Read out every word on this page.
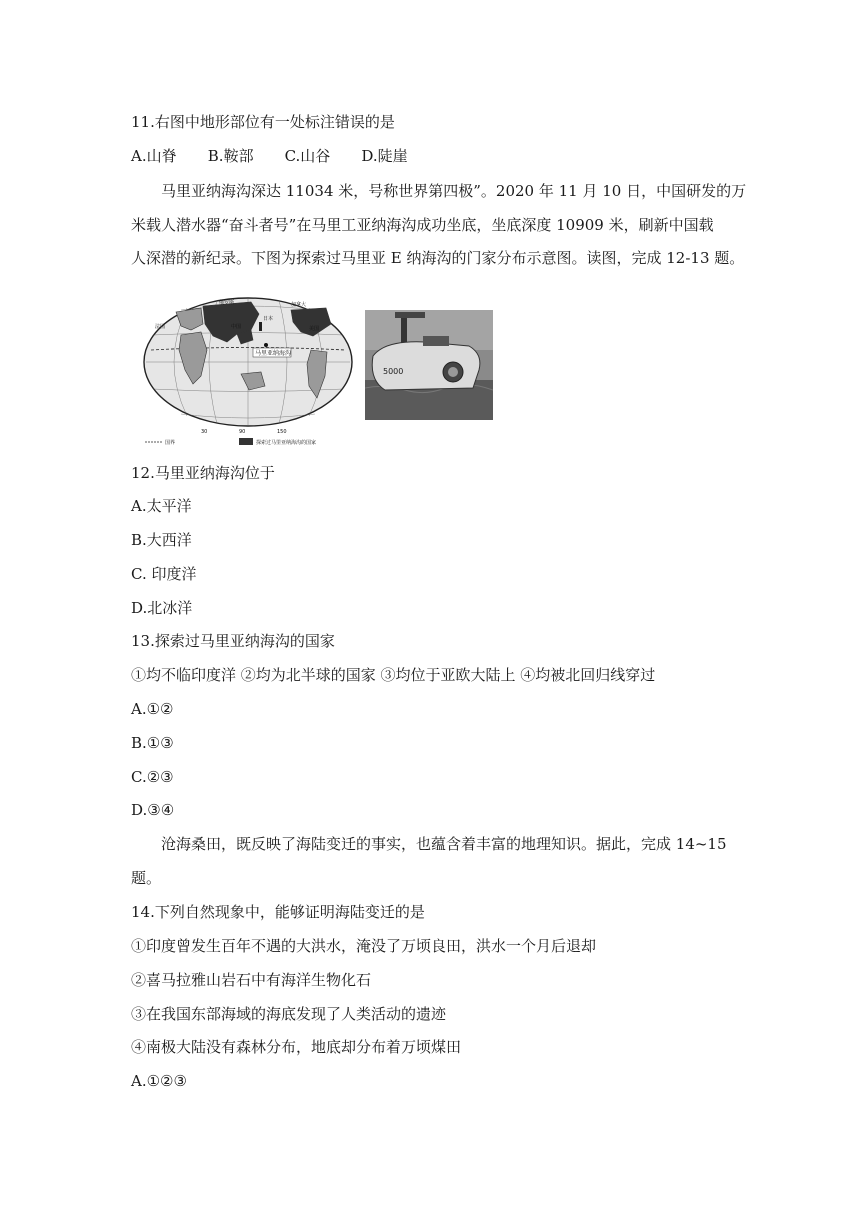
11.右图中地形部位有一处标注错误的是
A.山脊 B.鞍部 C.山谷 D.陡崖
马里亚纳海沟深达 11034 米，号称世界第四极”。2020 年 11 月 10 日，中国研发的万
米载人潜水器“奋斗者号”在马里工亚纳海沟成功坐底，坐底深度 10909 米，刷新中国载
人深潜的新纪录。下图为探索过马里亚 E 纳海沟的门家分布示意图。读图，完成 12-13 题。
马里亚纳海沟
加拿大
美国
法国
俄罗斯
中国
日本
30	90	150
国界	探索过马里亚纳海沟的国家
5000
12.马里亚纳海沟位于
A.太平洋
B.大西洋
C. 印度洋
D.北冰洋
13.探索过马里亚纳海沟的国家
①均不临印度洋 ②均为北半球的国家 ③均位于亚欧大陆上 ④均被北回归线穿过
A.①②
B.①③
C.②③
D.③④
沧海桑田，既反映了海陆变迁的事实，也蕴含着丰富的地理知识。据此，完成 14~15
题。
14.下列自然现象中，能够证明海陆变迁的是
①印度曾发生百年不遇的大洪水，淹没了万顷良田，洪水一个月后退却
②喜马拉雅山岩石中有海洋生物化石
③在我国东部海域的海底发现了人类活动的遗迹
④南极大陆没有森林分布，地底却分布着万顷煤田
A.①②③
